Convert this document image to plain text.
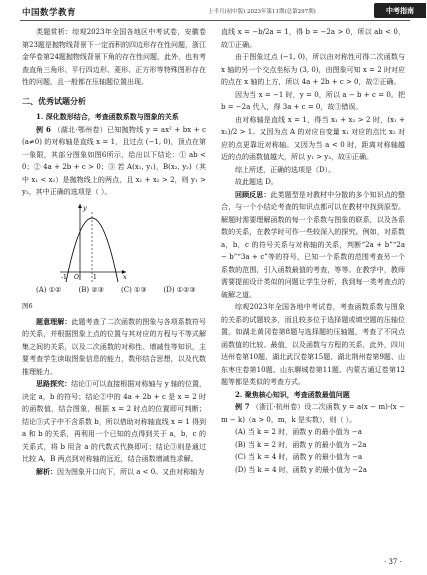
中国数学教育	上半月(初中版) 2023年第11期(总第297期)	中考指南

类题赏析：综观2023年全国各地区中考试卷，安徽卷第23题是抛物线背景下一定而积的四边形存在性问题，浙江金华卷第24题抛物线背景下角的存在性问题，此外，也有考查直角三角形、平行四边形、菱形、正方形等特殊图形存在性的问题，且一般都在压轴题位置出现。

二、优秀试题分析

1. 深化数形结合，考查函数系数与图象的关系

例 6 （湖北·鄂州卷）已知抛物线 y = ax² + bx + c (a≠0) 的对称轴是直线 x = 1，且过点 (−1, 0)，顶点在第一象限，其部分图象如图6所示，给出以下结论：① ab < 0；② 4a + 2b + c > 0；③ 若 A(x₁, y₁)，B(x₂, y₂)（其中 x₁ < x₂）是抛物线上的两点，且 x₁ + x₂ > 2，则 y₁ > y₂，其中正确的选项是（ ）。

y
x
O
-1	1
(A) ①②	(B) ②③	(C) ①③	(D) ①②③

图6

题意理解：此题考查了二次函数的图象与各项系数符号的关系，并根据图象上点的位置与其对应的方程与不等式解集之间的关系，以及二次函数的对称性、增减性等知识，主要考查学生读取图象信息的能力，数形结合思想，以及代数推理能力。

思路探究：结论①可以直接根据对称轴与 y 轴的位置，决定 a，b 的符号；结论②中的 4a + 2b + c 是 x = 2 时的函数值，结合图象，根据 x = 2 时点的位置即可判断；结论③式子中不含系数 b，所以借助对称轴直线 x = 1 得到 a 和 b 的关系，再利用一个已知的点得到关于 a，b，c 的关系式，将 b 用含 a 的代数式代换即可；结论③则是通过比较 A，B 两点到对称轴的远近，结合函数增减性求解。

解析：因为图象开口向下，所以 a < 0。又由对称轴为

直线 x = −b/2a = 1，得 b = −2a > 0，所以 ab < 0，故①正确。

由于图象过点 (−1, 0)，所以由对称性可得二次函数与 x 轴的另一个交点坐标为 (3, 0)，由图象可知 x = 2 时对应的点在 x 轴的上方，所以 4a + 2b + c > 0，故②正确。

因为当 x = −1 时，y = 0，所以 a − b + c = 0。把 b = −2a 代入，得 3a + c = 0，故③错误。

由对称轴是直线 x = 1，得当 x₁ + x₂ > 2 时，(x₁ + x₂)/2 > 1。又因为点 A 的对应自变量 x₁ 对应的点比 x₂ 对应的点更靠近对称轴。又因为当 a < 0 时，距离对称轴越近的点的函数值越大，所以 y₁ > y₂，故④正确。

综上所述，正确的选项是（D）。

故此题选 D。

回顾反思：此类题型是对教材中分散的多个知识点的整合，与一个小结论考查的知识点都可以在教材中找到原型。解题时需要理解函数的每一个系数与图象的联系，以及各系数的关系，在教学时可作一些较深入的探究。例如，对系数 a，b，c 的符号关系与对称轴的关系，判断“2a + b”“2a − b”“3a + c”等的符号，已知一个系数的范围考查另一个系数的范围，引入函数最值的考查，等等。在教学中，教师需要提前设计类似的问题让学生分析，我到每一类考查点的破解之道。

综观2023年全国各地中考试卷，考查函数系数与图象的关系的试题较多，而且较多位于选择题或填空题的压轴位置，如湖北黄冈卷第8题与选择题的压轴题，考查了不同点函数值的比较、最值，以及函数与方程的关系，此外，四川达州卷第10题、湖北武汉卷第15题、湖北荆州卷第9题、山东枣庄卷第10题、山东聊城卷第11题、内蒙古通辽卷第12题等都是类似的考查方式。

2. 聚焦核心知识，考查函数最值问题

例 7 （浙江·杭州卷）设二次函数 y = a(x − m)·(x − m − k)（a > 0，m，k 是实数），则（ ）。

(A) 当 k = 2 时，函数 y 的最小值为 −a
(B) 当 k = 2 时，函数 y 的最小值为 −2a
(C) 当 k = 4 时，函数 y 的最小值为 −a
(D) 当 k = 4 时，函数 y 的最小值为 −2a
· 37 ·
